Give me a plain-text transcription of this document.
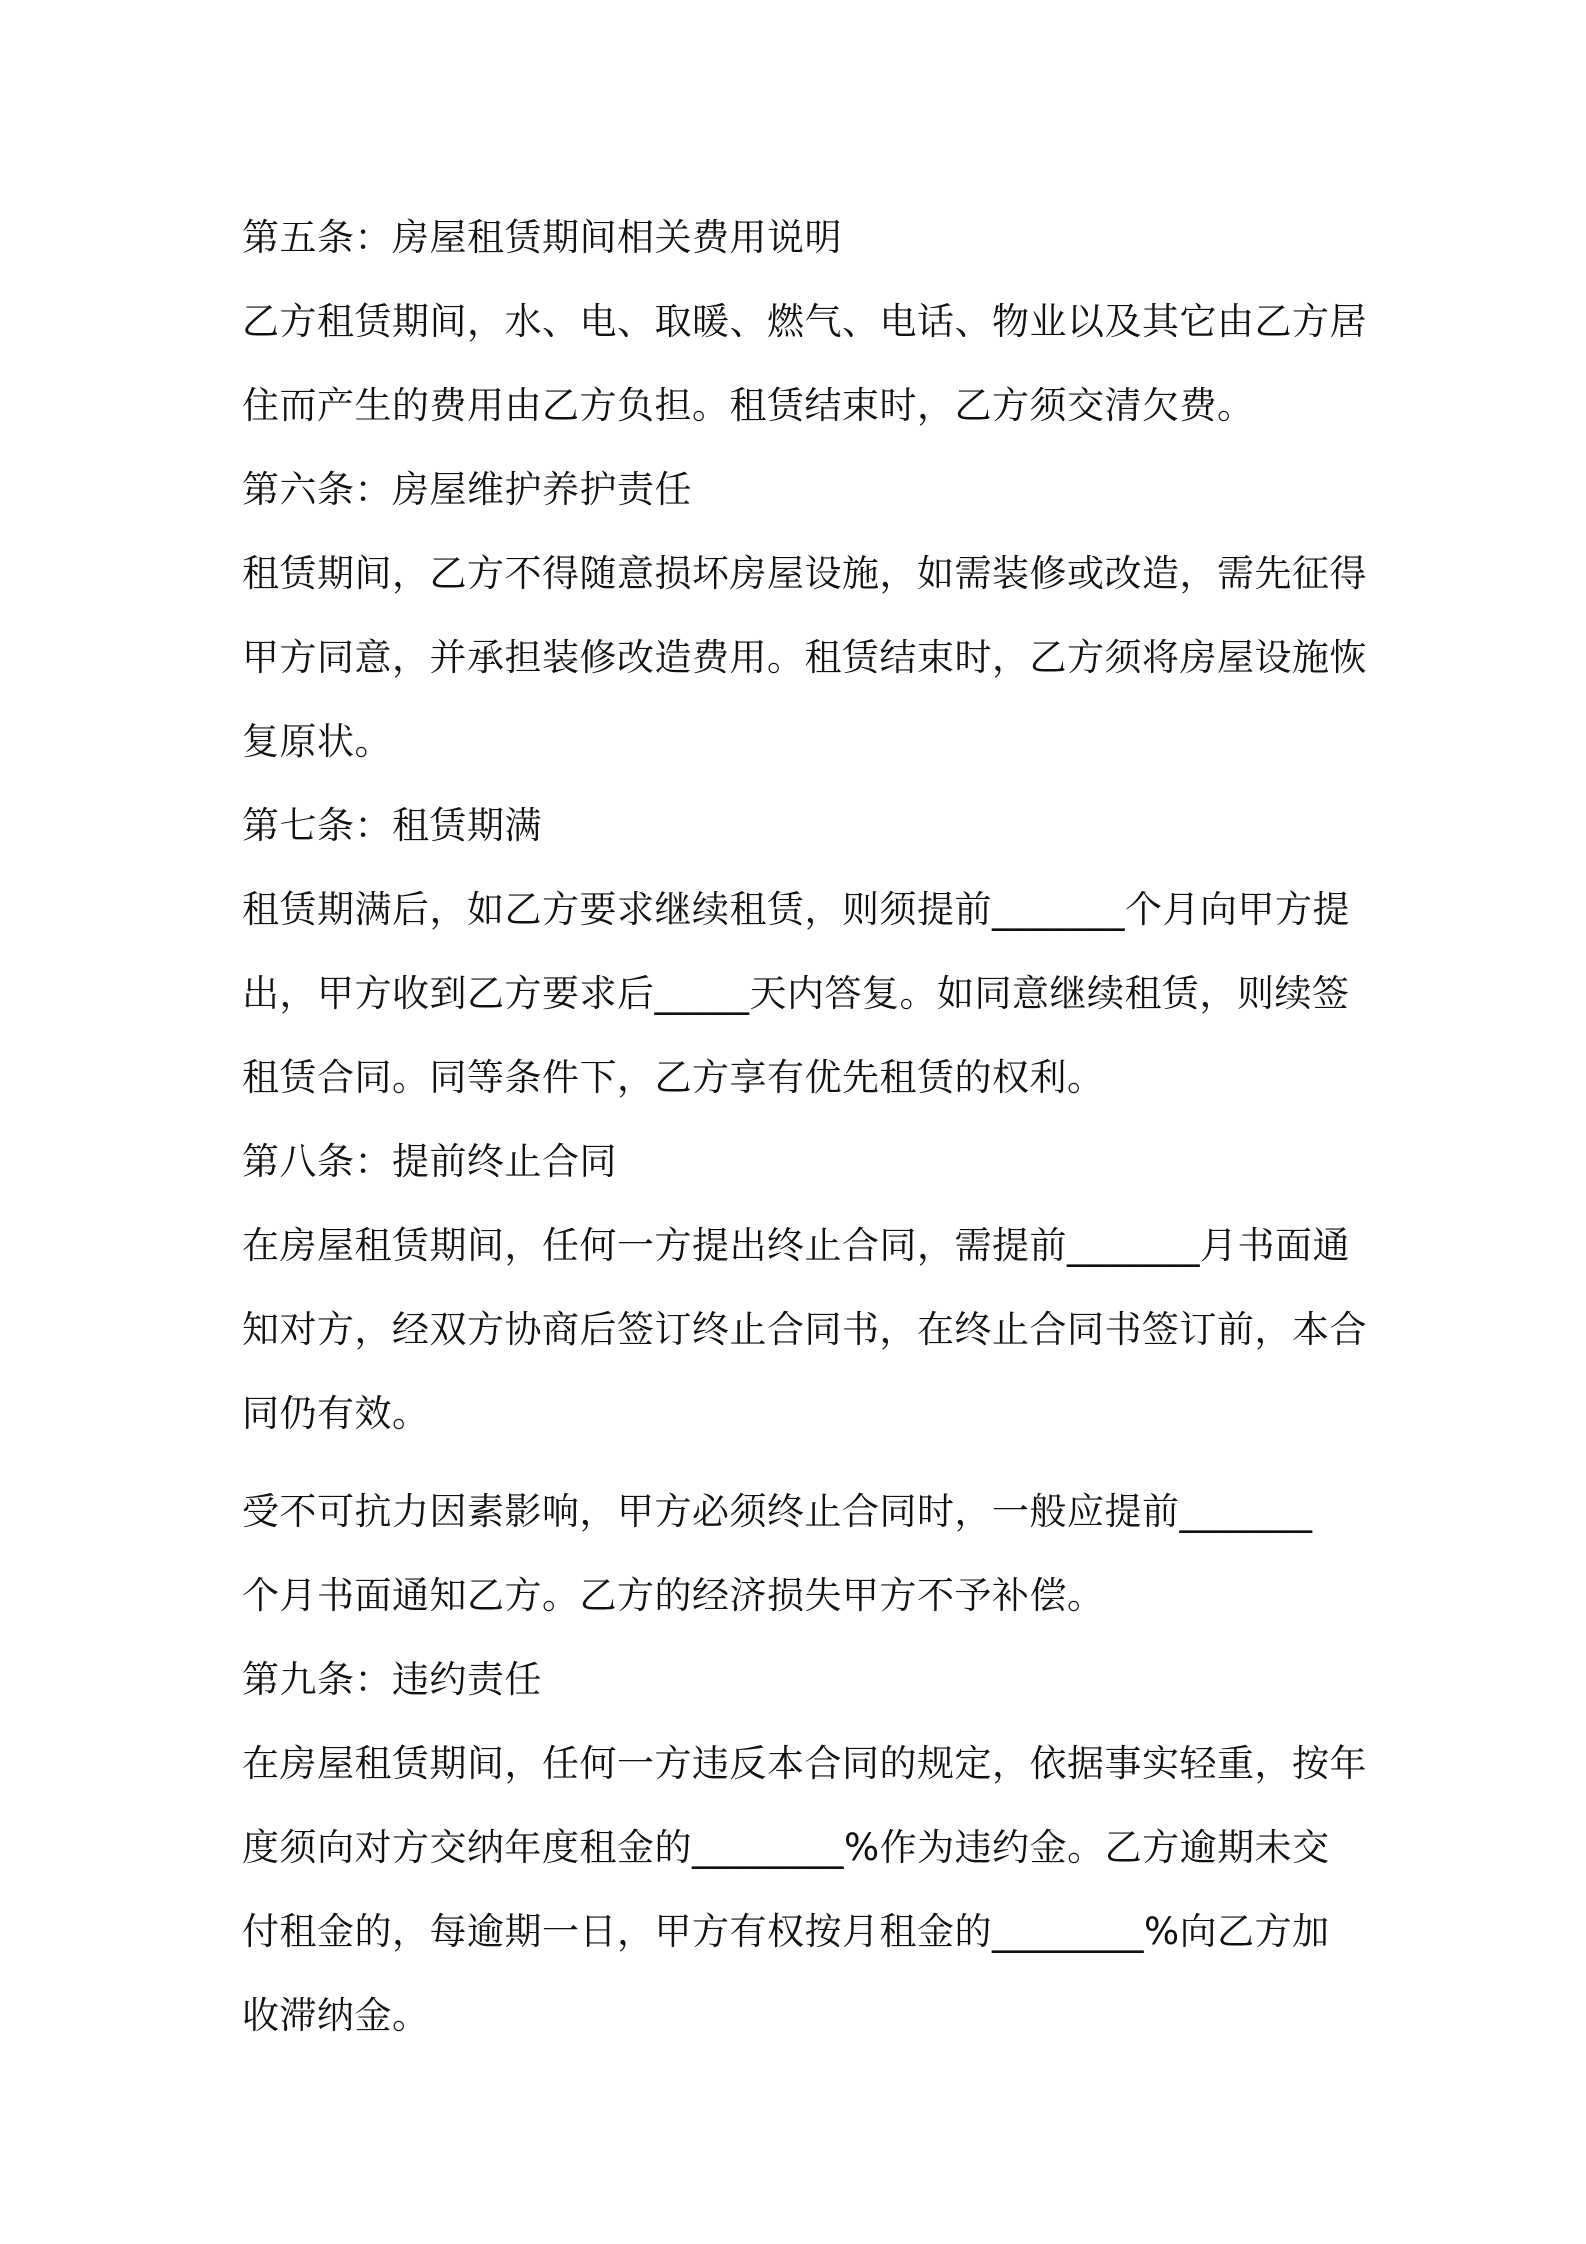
第五条：房屋租赁期间相关费用说明
乙方租赁期间，水、电、取暖、燃气、电话、物业以及其它由乙方居
住而产生的费用由乙方负担。租赁结束时，乙方须交清欠费。
第六条：房屋维护养护责任
租赁期间，乙方不得随意损坏房屋设施，如需装修或改造，需先征得
甲方同意，并承担装修改造费用。租赁结束时，乙方须将房屋设施恢
复原状。
第七条：租赁期满
租赁期满后，如乙方要求继续租赁，则须提前_______个月向甲方提
出，甲方收到乙方要求后_____天内答复。如同意继续租赁，则续签
租赁合同。同等条件下，乙方享有优先租赁的权利。
第八条：提前终止合同
在房屋租赁期间，任何一方提出终止合同，需提前_______月书面通
知对方，经双方协商后签订终止合同书，在终止合同书签订前，本合
同仍有效。
受不可抗力因素影响，甲方必须终止合同时，一般应提前_______
个月书面通知乙方。乙方的经济损失甲方不予补偿。
第九条：违约责任
在房屋租赁期间，任何一方违反本合同的规定，依据事实轻重，按年
度须向对方交纳年度租金的________%作为违约金。乙方逾期未交
付租金的，每逾期一日，甲方有权按月租金的________%向乙方加
收滞纳金。
